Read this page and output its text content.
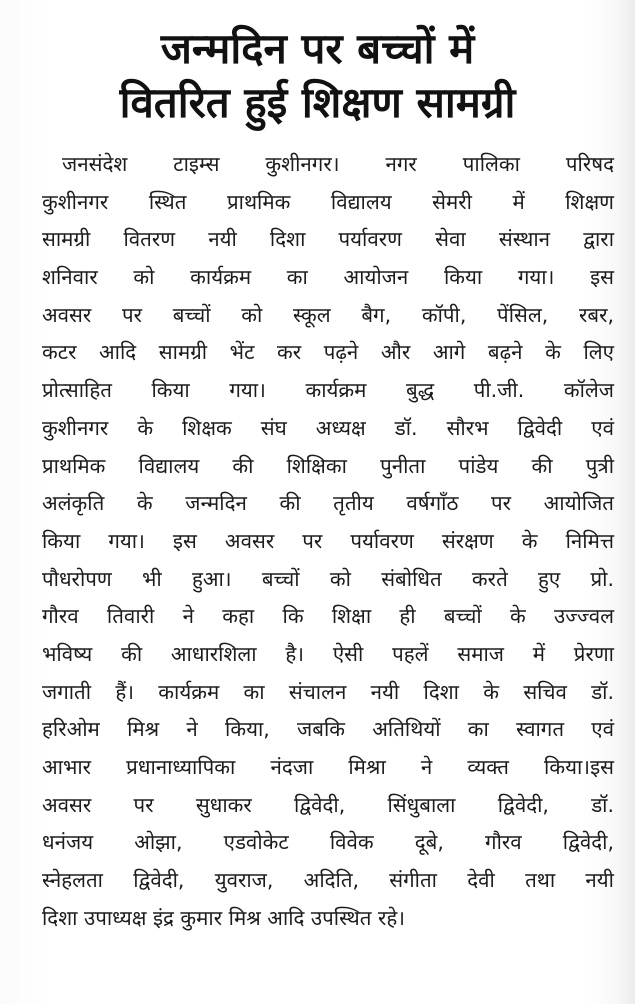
जन्मदिन पर बच्चों में
वितरित हुई शिक्षण सामग्री
जनसंदेश टाइम्स कुशीनगर। नगर पालिका परिषद
कुशीनगर स्थित प्राथमिक विद्यालय सेमरी में शिक्षण
सामग्री वितरण नयी दिशा पर्यावरण सेवा संस्थान द्वारा
शनिवार को कार्यक्रम का आयोजन किया गया। इस
अवसर पर बच्चों को स्कूल बैग, कॉपी, पेंसिल, रबर,
कटर आदि सामग्री भेंट कर पढ़ने और आगे बढ़ने के लिए
प्रोत्साहित किया गया। कार्यक्रम बुद्ध पी.जी. कॉलेज
कुशीनगर के शिक्षक संघ अध्यक्ष डॉ. सौरभ द्विवेदी एवं
प्राथमिक विद्यालय की शिक्षिका पुनीता पांडेय की पुत्री
अलंकृति के जन्मदिन की तृतीय वर्षगाँठ पर आयोजित
किया गया। इस अवसर पर पर्यावरण संरक्षण के निमित्त
पौधरोपण भी हुआ। बच्चों को संबोधित करते हुए प्रो.
गौरव तिवारी ने कहा कि शिक्षा ही बच्चों के उज्ज्वल
भविष्य की आधारशिला है। ऐसी पहलें समाज में प्रेरणा
जगाती हैं। कार्यक्रम का संचालन नयी दिशा के सचिव डॉ.
हरिओम मिश्र ने किया, जबकि अतिथियों का स्वागत एवं
आभार प्रधानाध्यापिका नंदजा मिश्रा ने व्यक्त किया।इस
अवसर पर सुधाकर द्विवेदी, सिंधुबाला द्विवेदी, डॉ.
धनंजय ओझा, एडवोकेट विवेक दूबे, गौरव द्विवेदी,
स्नेहलता द्विवेदी, युवराज, अदिति, संगीता देवी तथा नयी
दिशा उपाध्यक्ष इंद्र कुमार मिश्र आदि उपस्थित रहे।
